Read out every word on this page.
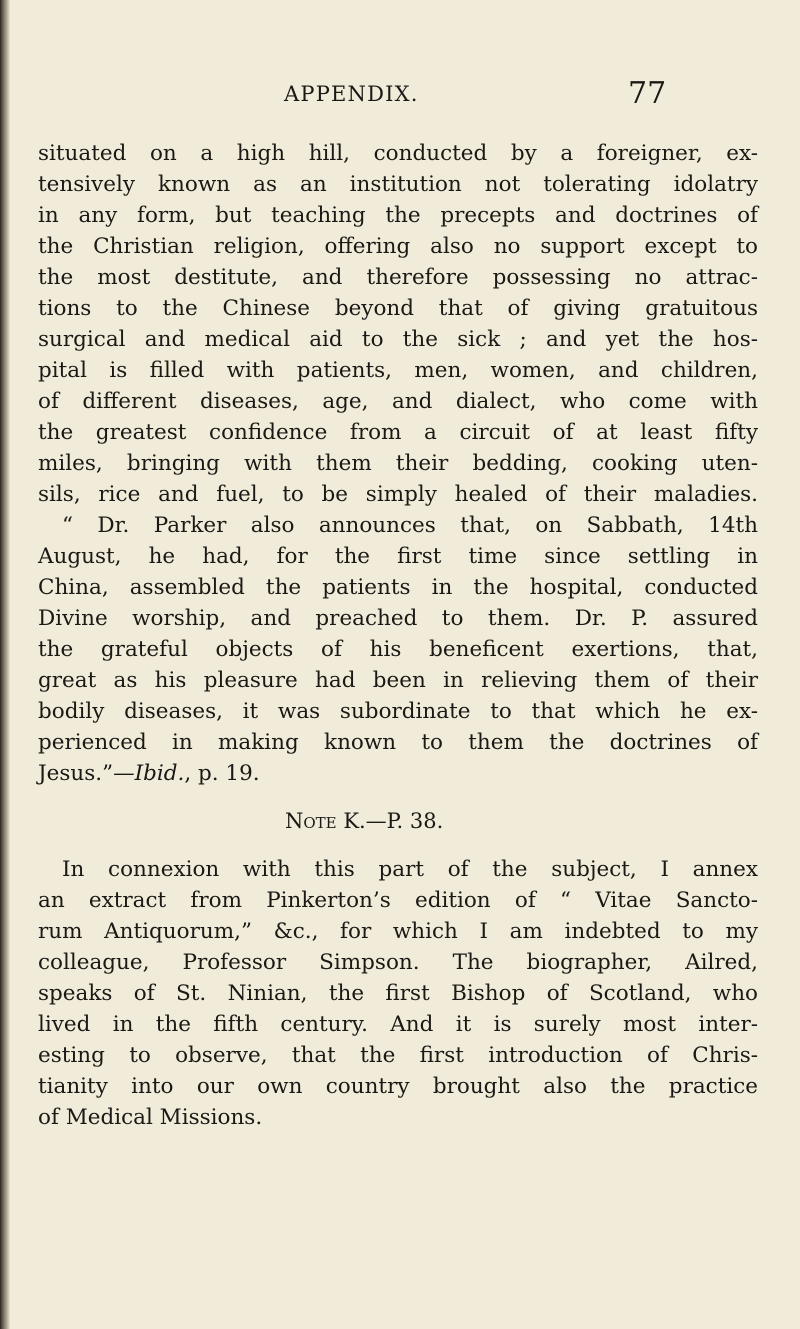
APPENDIX.	77
situated on a high hill, conducted by a foreigner, ex-
tensively known as an institution not tolerating idolatry
in any form, but teaching the precepts and doctrines of
the Christian religion, offering also no support except to
the most destitute, and therefore possessing no attrac-
tions to the Chinese beyond that of giving gratuitous
surgical and medical aid to the sick ; and yet the hos-
pital is filled with patients, men, women, and children,
of different diseases, age, and dialect, who come with
the greatest confidence from a circuit of at least fifty
miles, bringing with them their bedding, cooking uten-
sils, rice and fuel, to be simply healed of their maladies.
“ Dr. Parker also announces that, on Sabbath, 14th
August, he had, for the first time since settling in
China, assembled the patients in the hospital, conducted
Divine worship, and preached to them. Dr. P. assured
the grateful objects of his beneficent exertions, that,
great as his pleasure had been in relieving them of their
bodily diseases, it was subordinate to that which he ex-
perienced in making known to them the doctrines of
Jesus.”—Ibid., p. 19.
Note K.—P. 38.
In connexion with this part of the subject, I annex
an extract from Pinkerton’s edition of “ Vitae Sancto-
rum Antiquorum,” &c., for which I am indebted to my
colleague, Professor Simpson. The biographer, Ailred,
speaks of St. Ninian, the first Bishop of Scotland, who
lived in the fifth century. And it is surely most inter-
esting to observe, that the first introduction of Chris-
tianity into our own country brought also the practice
of Medical Missions.
